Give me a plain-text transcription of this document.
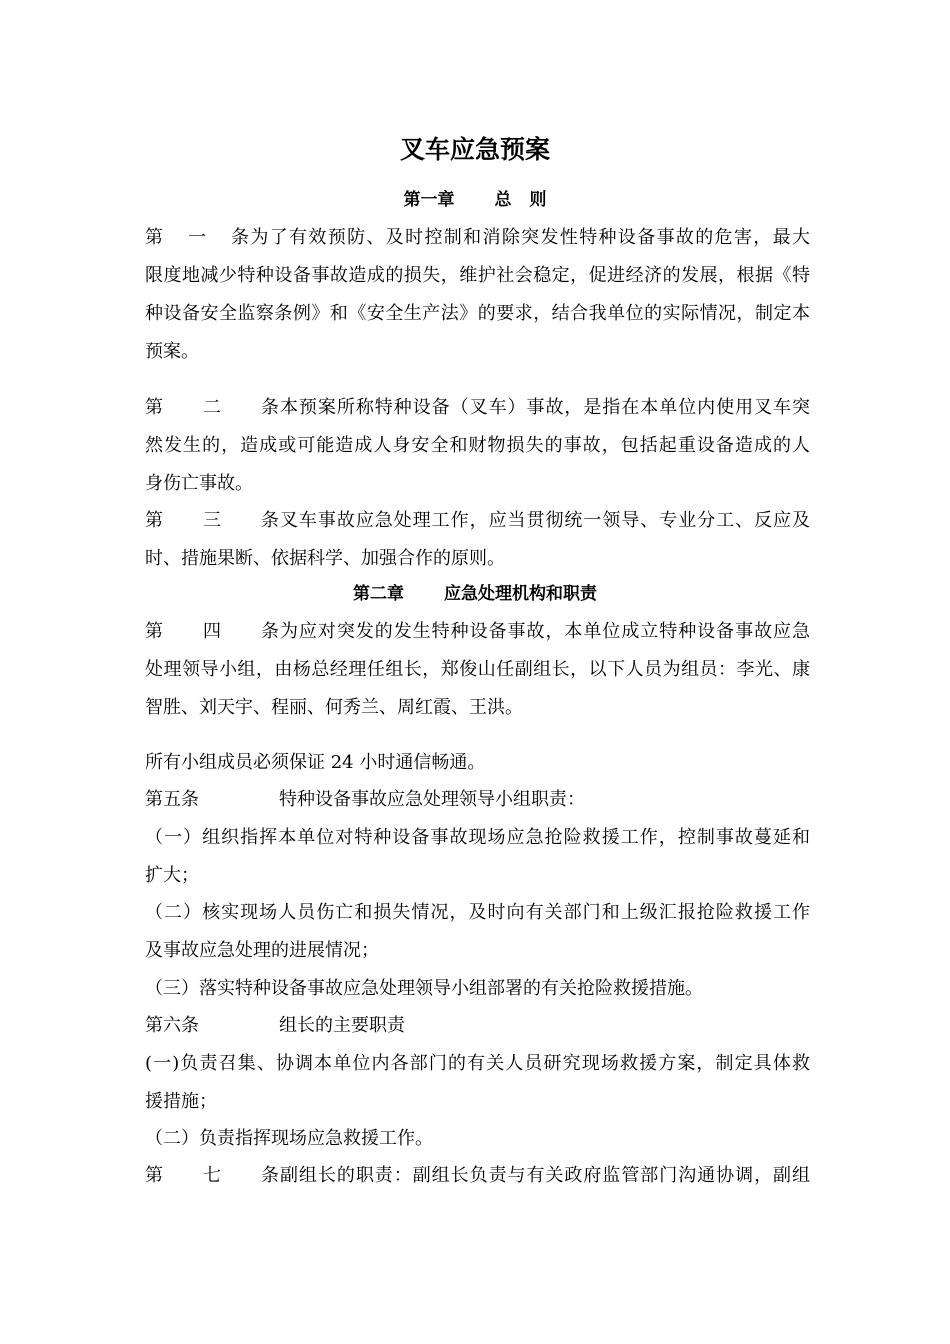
叉车应急预案
第一章 总 则
第一条为了有效预防、及时控制和消除突发性特种设备事故的危害，最大
限度地减少特种设备事故造成的损失，维护社会稳定，促进经济的发展，根据《特
种设备安全监察条例》和《安全生产法》的要求，结合我单位的实际情况，制定本
预案。
第二条本预案所称特种设备（叉车）事故，是指在本单位内使用叉车突
然发生的，造成或可能造成人身安全和财物损失的事故，包括起重设备造成的人
身伤亡事故。
第三条叉车事故应急处理工作，应当贯彻统一领导、专业分工、反应及
时、措施果断、依据科学、加强合作的原则。
第二章 应急处理机构和职责
第四条为应对突发的发生特种设备事故，本单位成立特种设备事故应急
处理领导小组，由杨总经理任组长，郑俊山任副组长，以下人员为组员：李光、康
智胜、刘天宇、程丽、何秀兰、周红霞、王洪。
所有小组成员必须保证 24 小时通信畅通。
第五条	特种设备事故应急处理领导小组职责：
（一）组织指挥本单位对特种设备事故现场应急抢险救援工作，控制事故蔓延和
扩大；
（二）核实现场人员伤亡和损失情况，及时向有关部门和上级汇报抢险救援工作
及事故应急处理的进展情况；
（三）落实特种设备事故应急处理领导小组部署的有关抢险救援措施。
第六条	组长的主要职责
(一)负责召集、协调本单位内各部门的有关人员研究现场救援方案，制定具体救
援措施；
（二）负责指挥现场应急救援工作。
第七条副组长的职责：副组长负责与有关政府监管部门沟通协调，副组
